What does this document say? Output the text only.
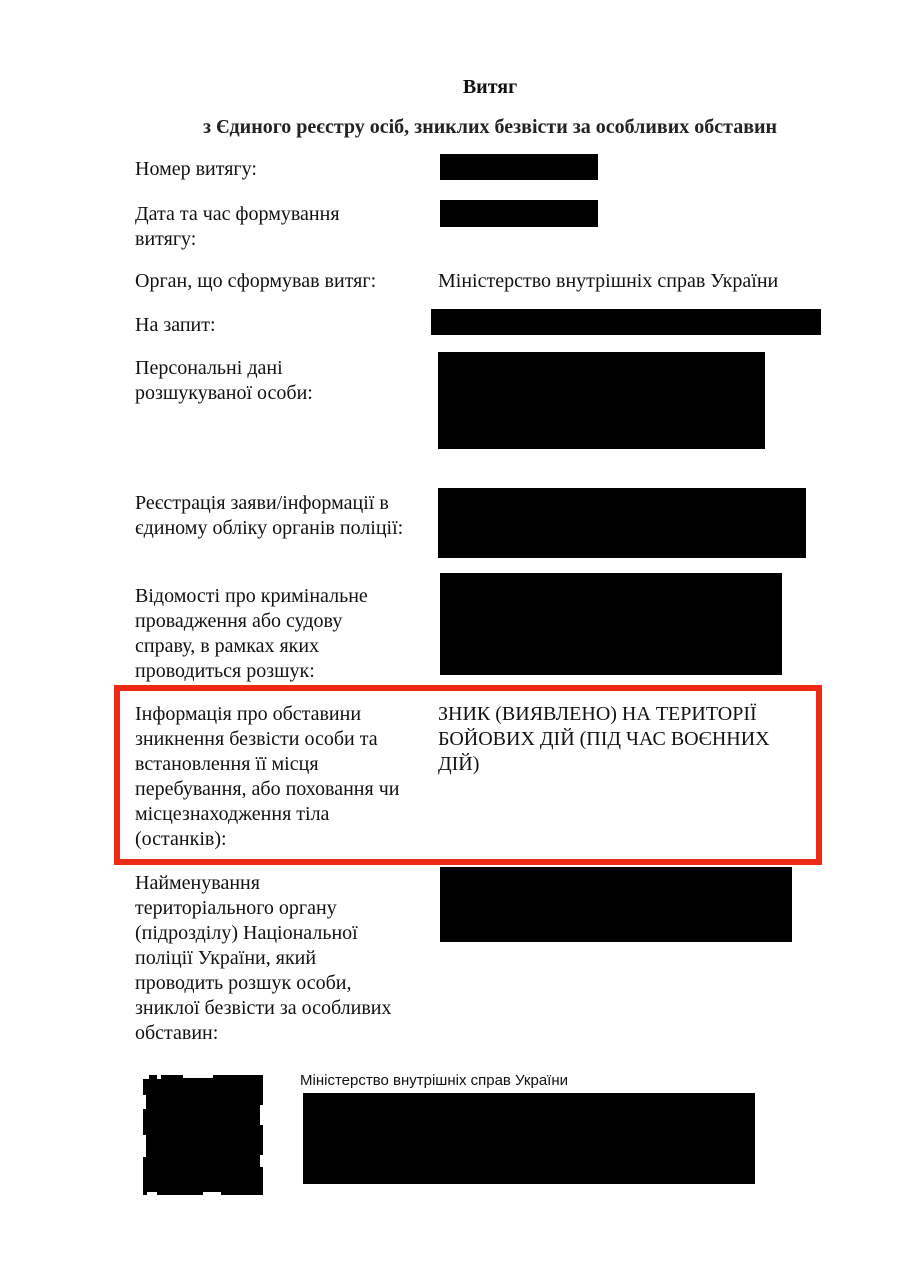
Витяг
з Єдиного реєстру осіб, зниклих безвісти за особливих обставин
Номер витягу:
Дата та час формування витягу:
Орган, що сформував витяг:	Міністерство внутрішніх справ України
На запит:
Персональні дані розшукуваної особи:
Реєстрація заяви/інформації в єдиному обліку органів поліції:
Відомості про кримінальне провадження або судову справу, в рамках яких проводиться розшук:
Інформація про обставини зникнення безвісти особи та встановлення її місця перебування, або поховання чи місцезнаходження тіла (останків):
ЗНИК (ВИЯВЛЕНО) НА ТЕРИТОРІЇ БОЙОВИХ ДІЙ (ПІД ЧАС ВОЄННИХ ДІЙ)
Найменування територіального органу (підрозділу) Національної поліції України, який проводить розшук особи, зниклої безвісти за особливих обставин:
Міністерство внутрішніх справ України
